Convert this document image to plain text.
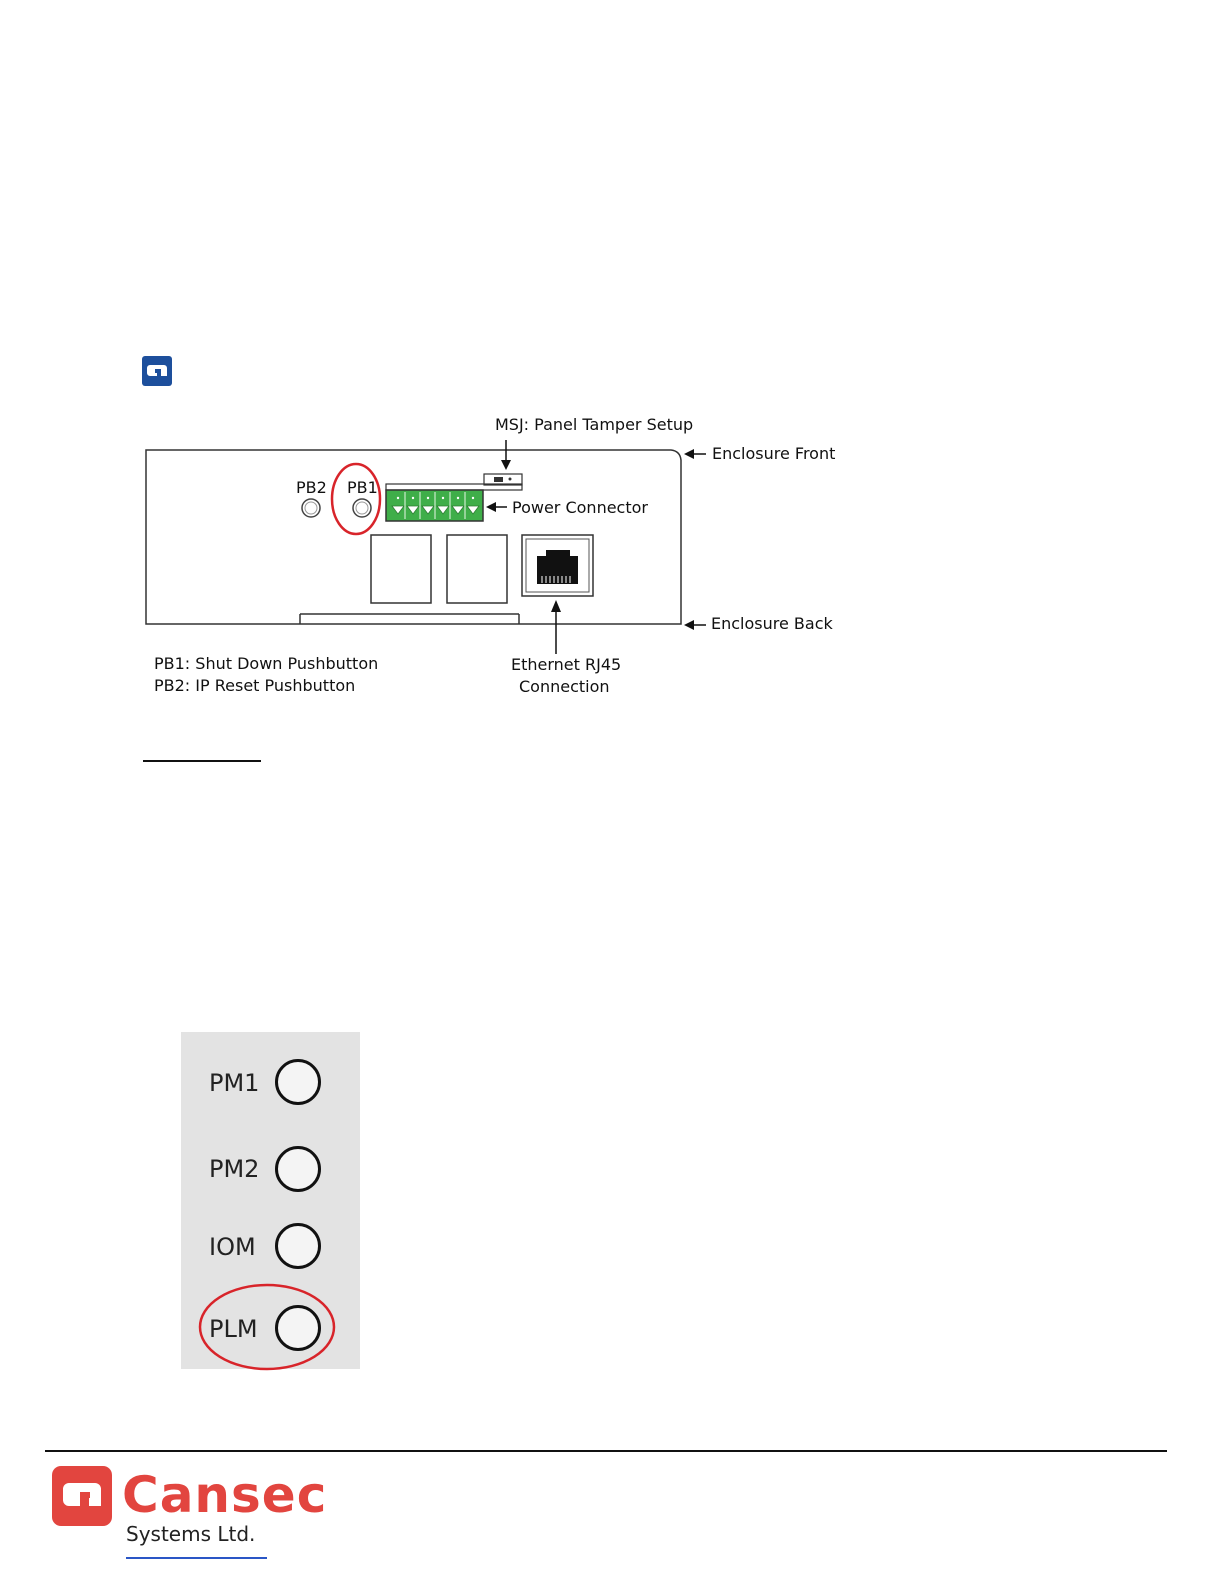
MSJ: Panel Tamper Setup
Enclosure Front
PB2 PB1
Power Connector
Enclosure Back
PB1: Shut Down Pushbutton
PB2: IP Reset Pushbutton
Ethernet RJ45
Connection
PM1
PM2
IOM
PLM
Cansec
Systems Ltd.
